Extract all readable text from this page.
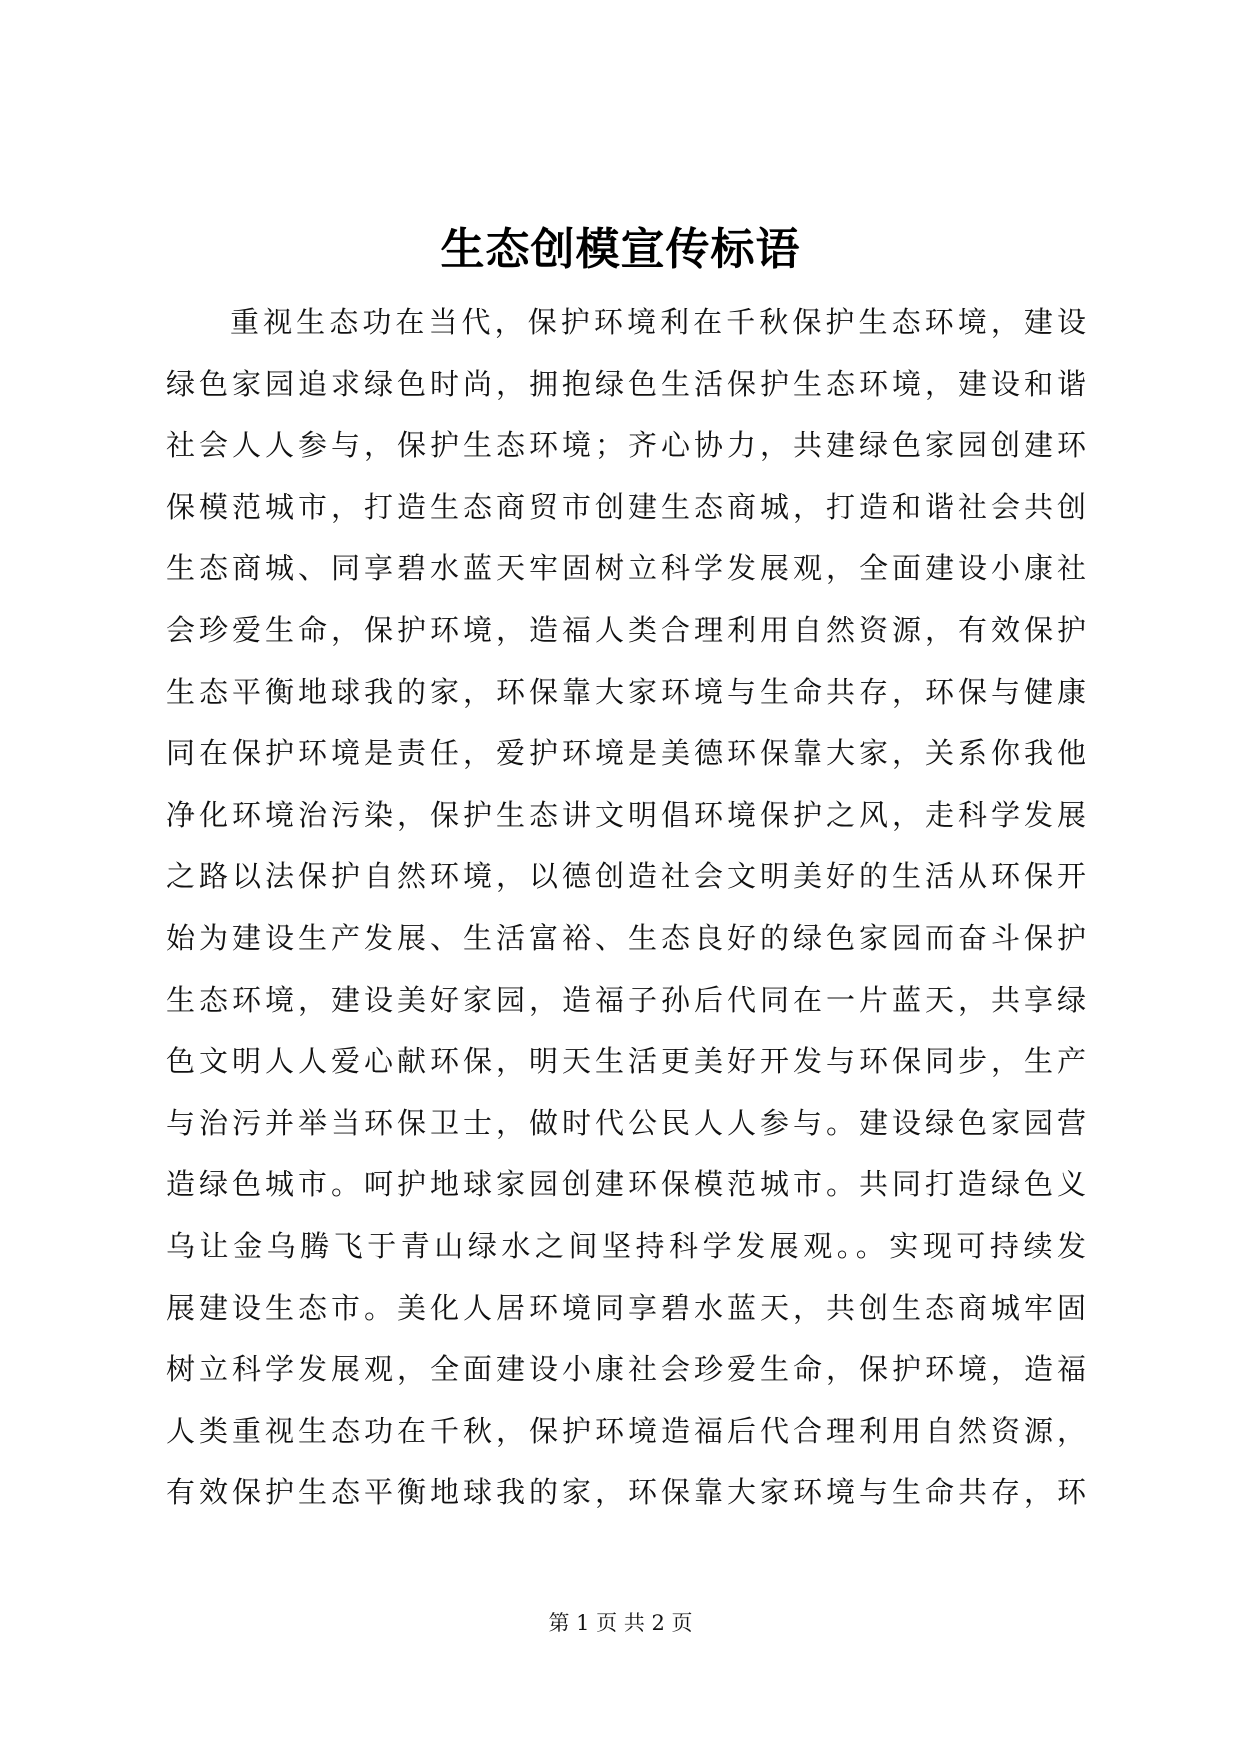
生态创模宣传标语
重视生态功在当代，保护环境利在千秋保护生态环境，建设
绿色家园追求绿色时尚，拥抱绿色生活保护生态环境，建设和谐
社会人人参与，保护生态环境；齐心协力，共建绿色家园创建环
保模范城市，打造生态商贸市创建生态商城，打造和谐社会共创
生态商城、同享碧水蓝天牢固树立科学发展观，全面建设小康社
会珍爱生命，保护环境，造福人类合理利用自然资源，有效保护
生态平衡地球我的家，环保靠大家环境与生命共存，环保与健康
同在保护环境是责任，爱护环境是美德环保靠大家，关系你我他
净化环境治污染，保护生态讲文明倡环境保护之风，走科学发展
之路以法保护自然环境，以德创造社会文明美好的生活从环保开
始为建设生产发展、生活富裕、生态良好的绿色家园而奋斗保护
生态环境，建设美好家园，造福子孙后代同在一片蓝天，共享绿
色文明人人爱心献环保，明天生活更美好开发与环保同步，生产
与治污并举当环保卫士，做时代公民人人参与。建设绿色家园营
造绿色城市。呵护地球家园创建环保模范城市。共同打造绿色义
乌让金乌腾飞于青山绿水之间坚持科学发展观。。实现可持续发
展建设生态市。美化人居环境同享碧水蓝天，共创生态商城牢固
树立科学发展观，全面建设小康社会珍爱生命，保护环境，造福
人类重视生态功在千秋，保护环境造福后代合理利用自然资源，
有效保护生态平衡地球我的家，环保靠大家环境与生命共存，环
第 1 页 共 2 页
